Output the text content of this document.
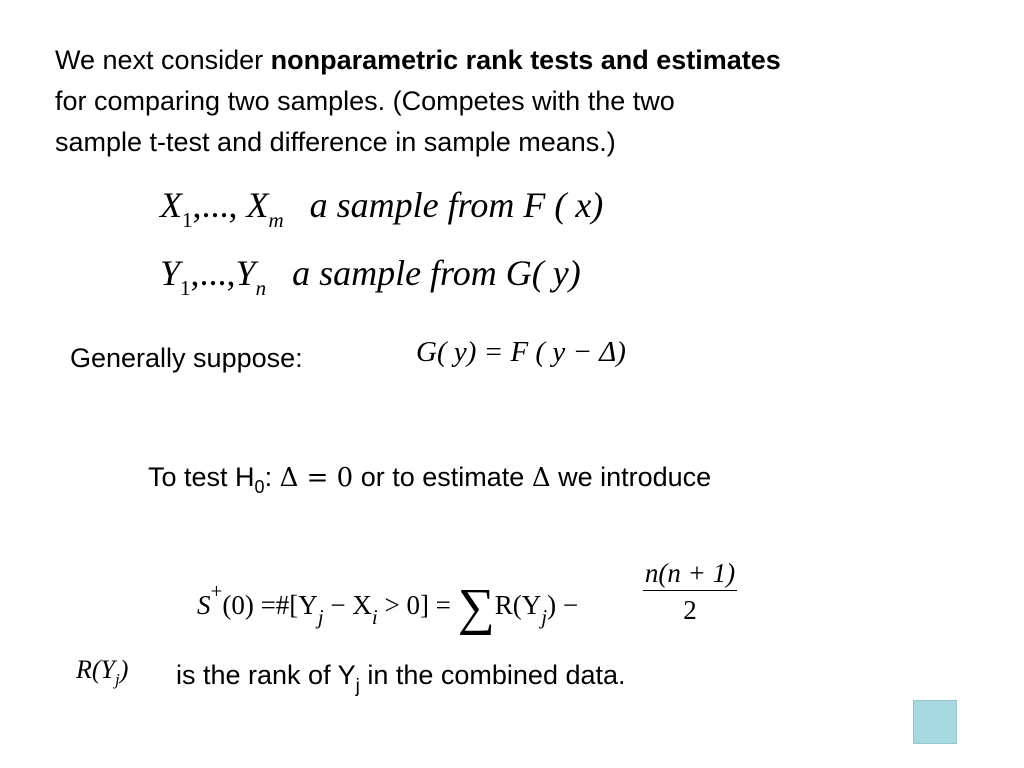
We next consider nonparametric rank tests and estimates
for comparing two samples. (Competes with the two
sample t-test and difference in sample means.)
$X_1$,..., $X_m$ a sample from F ( x)
$Y_1,...,Y_n$ a sample from G( y)
Generally suppose:	G( y) = F ( y − Δ)
To test $H_0$: Δ = 0 or to estimate Δ we introduce
$S^+(0) =\#[Y_j - X_i > 0] = \sum R(Y_j)$ −
n(n + 1)
2
$R(Y_j)$ is the rank of $Y_j$ in the combined data.
